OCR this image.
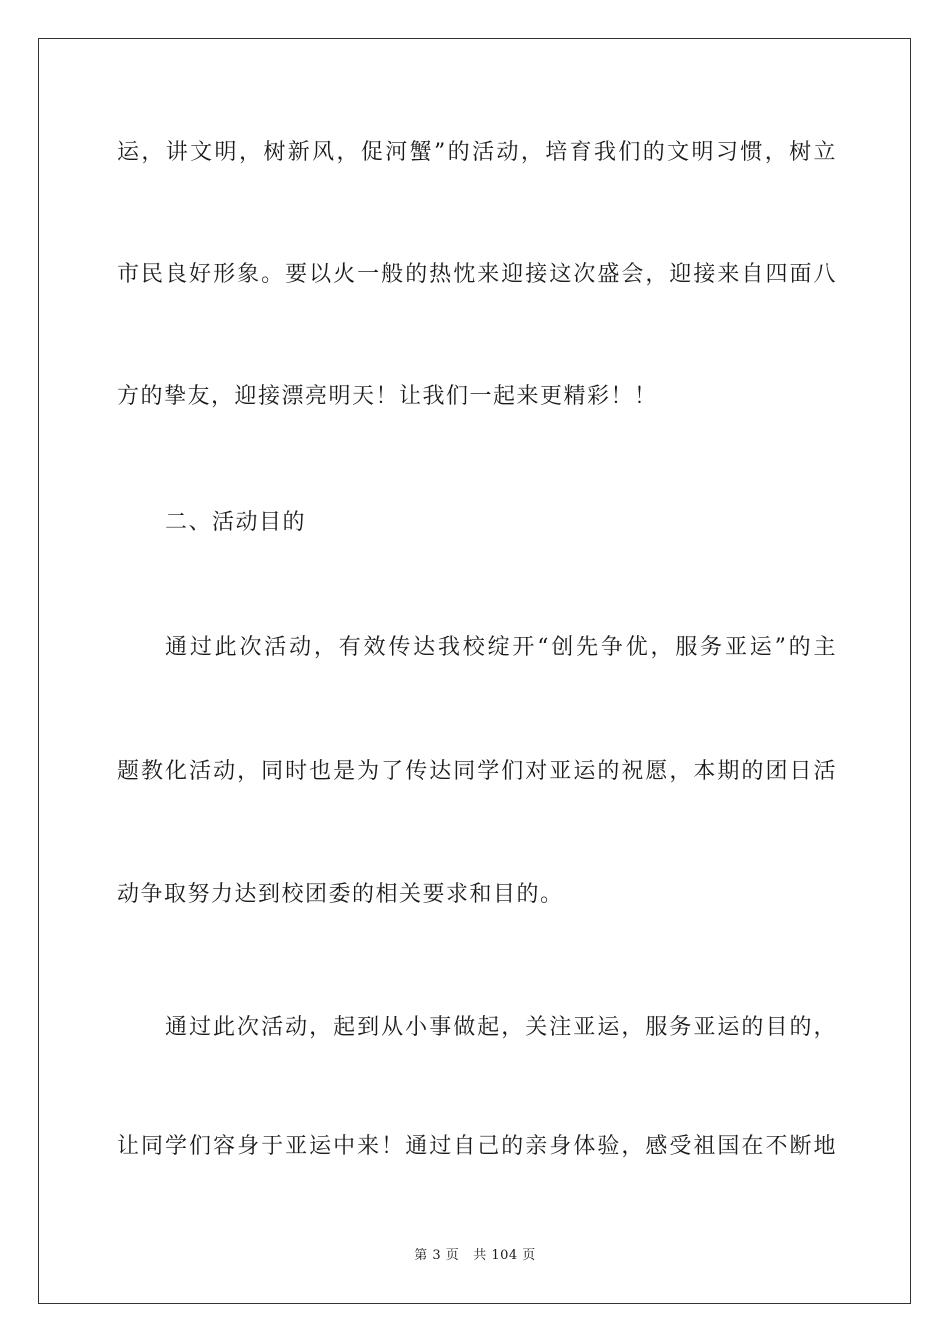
运，讲文明，树新风，促河蟹”的活动，培育我们的文明习惯，树立
市民良好形象。要以火一般的热忱来迎接这次盛会，迎接来自四面八
方的挚友，迎接漂亮明天！让我们一起来更精彩！！
二、活动目的
通过此次活动，有效传达我校绽开“创先争优，服务亚运”的主
题教化活动，同时也是为了传达同学们对亚运的祝愿，本期的团日活
动争取努力达到校团委的相关要求和目的。
通过此次活动，起到从小事做起，关注亚运，服务亚运的目的，
让同学们容身于亚运中来！通过自己的亲身体验，感受祖国在不断地
第 3 页 共 104 页
